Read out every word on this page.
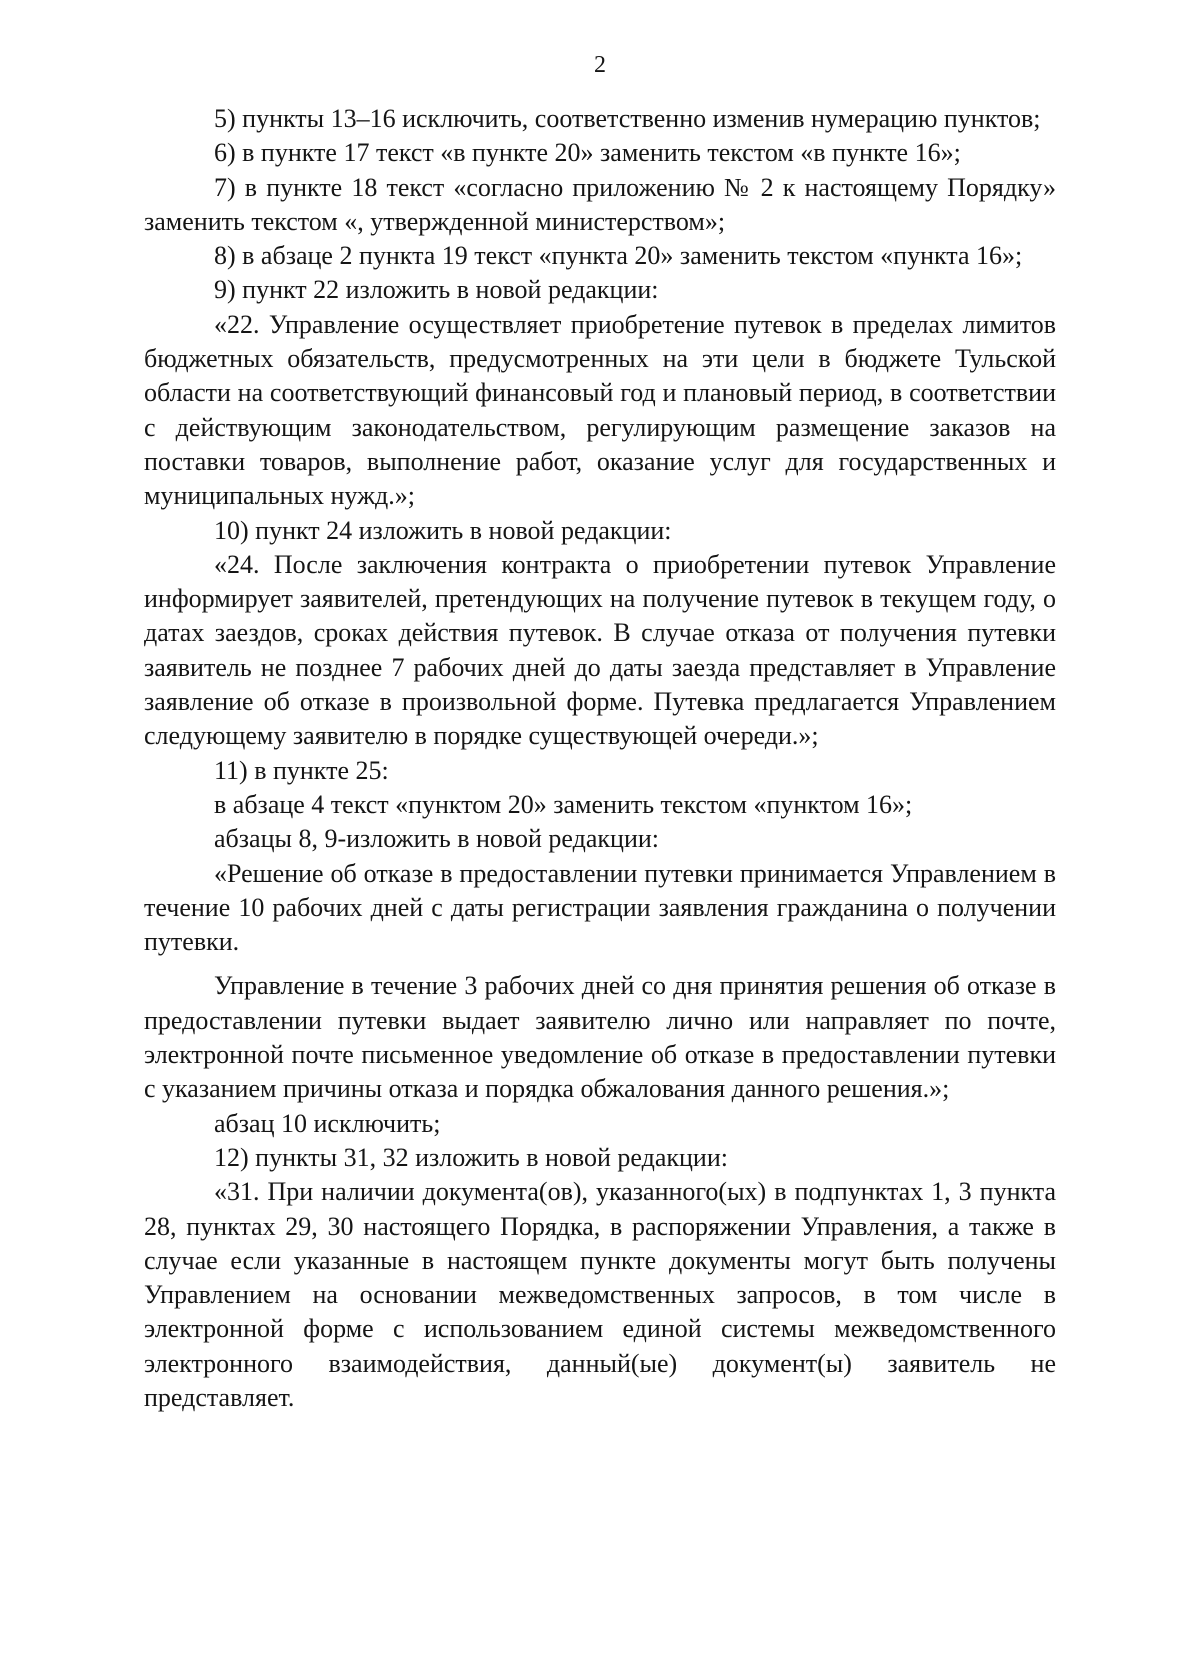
2

5) пункты 13–16 исключить, соответственно изменив нумерацию пунктов;

6) в пункте 17 текст «в пункте 20» заменить текстом «в пункте 16»;

7) в пункте 18 текст «согласно приложению № 2 к настоящему Порядку» заменить текстом «, утвержденной министерством»;

8) в абзаце 2 пункта 19 текст «пункта 20» заменить текстом «пункта 16»;

9) пункт 22 изложить в новой редакции:

«22. Управление осуществляет приобретение путевок в пределах лимитов бюджетных обязательств, предусмотренных на эти цели в бюджете Тульской области на соответствующий финансовый год и плановый период, в соответствии с действующим законодательством, регулирующим размещение заказов на поставки товаров, выполнение работ, оказание услуг для государственных и муниципальных нужд.»;

10) пункт 24 изложить в новой редакции:

«24. После заключения контракта о приобретении путевок Управление информирует заявителей, претендующих на получение путевок в текущем году, о датах заездов, сроках действия путевок. В случае отказа от получения путевки заявитель не позднее 7 рабочих дней до даты заезда представляет в Управление заявление об отказе в произвольной форме. Путевка предлагается Управлением следующему заявителю в порядке существующей очереди.»;

11) в пункте 25:

в абзаце 4 текст «пунктом 20» заменить текстом «пунктом 16»;

абзацы 8, 9-изложить в новой редакции:

«Решение об отказе в предоставлении путевки принимается Управлением в течение 10 рабочих дней с даты регистрации заявления гражданина о получении путевки.

Управление в течение 3 рабочих дней со дня принятия решения об отказе в предоставлении путевки выдает заявителю лично или направляет по почте, электронной почте письменное уведомление об отказе в предоставлении путевки с указанием причины отказа и порядка обжалования данного решения.»;

абзац 10 исключить;

12) пункты 31, 32 изложить в новой редакции:

«31. При наличии документа(ов), указанного(ых) в подпунктах 1, 3 пункта 28, пунктах 29, 30 настоящего Порядка, в распоряжении Управления, а также в случае если указанные в настоящем пункте документы могут быть получены Управлением на основании межведомственных запросов, в том числе в электронной форме с использованием единой системы межведомственного электронного взаимодействия, данный(ые) документ(ы) заявитель не представляет.
